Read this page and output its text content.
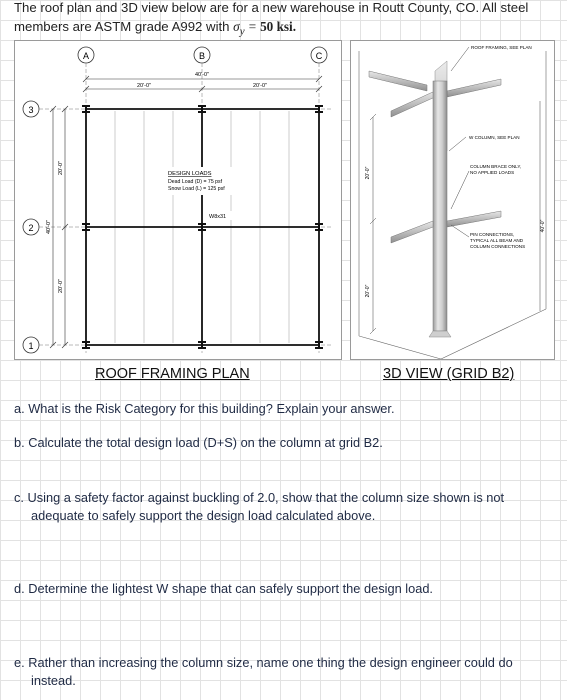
The roof plan and 3D view below are for a new warehouse in Routt County, CO. All steel
members are ASTM grade A992 with $\sigma_y = 50$ ksi.
A	B	C
3
2
1
40'-0"
20'-0"	20'-0"
40'-0"
20'-0"
20'-0"
DESIGN LOADS
Dead Load (D) = 75 psf
Snow Load (L) = 125 psf
W8x31
ROOF FRAMING, SEE PLAN
W COLUMN, SEE PLAN
COLUMN BRACE ONLY,
NO APPLIED LOADS
PIN CONNECTIONS,
TYPICAL ALL BEAM AND
COLUMN CONNECTIONS
20'-0"
20'-0"
40'-0"
ROOF FRAMING PLAN	3D VIEW (GRID B2)
a. What is the Risk Category for this building? Explain your answer.
b. Calculate the total design load (D+S) on the column at grid B2.
c. Using a safety factor against buckling of 2.0, show that the column size shown is not adequate to safely support the design load calculated above.
d. Determine the lightest W shape that can safely support the design load.
e. Rather than increasing the column size, name one thing the design engineer could do instead.
